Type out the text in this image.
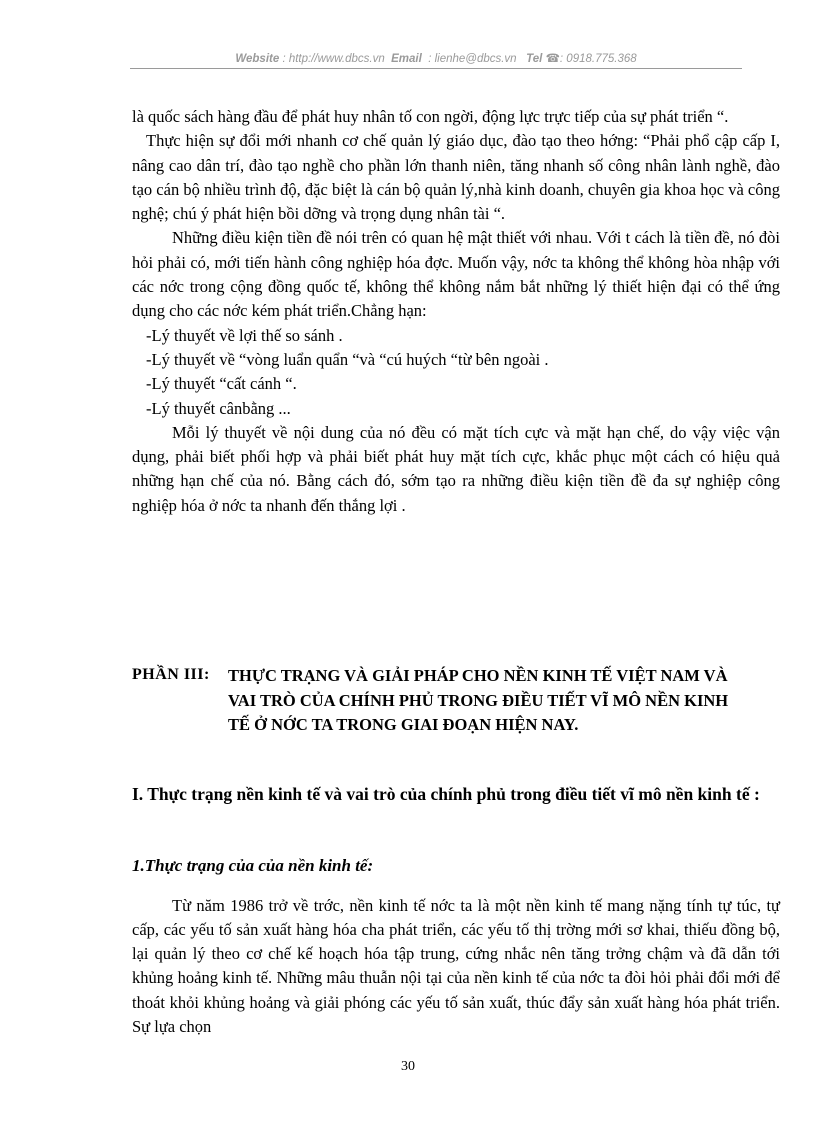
Website : http://www.dbcs.vn Email : lienhe@dbcs.vn Tel ☎: 0918.775.368

là quốc sách hàng đầu để phát huy nhân tố con ngời, động lực trực tiếp của sự phát triển “.

Thực hiện sự đổi mới nhanh cơ chế quản lý giáo dục, đào tạo theo hớng: “Phải phổ cập cấp I, nâng cao dân trí, đào tạo nghề cho phần lớn thanh niên, tăng nhanh số công nhân lành nghề, đào tạo cán bộ nhiều trình độ, đặc biệt là cán bộ quản lý,nhà kinh doanh, chuyên gia khoa học và công nghệ; chú ý phát hiện bồi dỡng và trọng dụng nhân tài “.

Những điều kiện tiền đề nói trên có quan hệ mật thiết với nhau. Với t cách là tiền đề, nó đòi hỏi phải có, mới tiến hành công nghiệp hóa đợc. Muốn vậy, nớc ta không thể không hòa nhập với các nớc trong cộng đồng quốc tế, không thể không nắm bắt những lý thiết hiện đại có thể ứng dụng cho các nớc kém phát triển.Chẳng hạn:

-Lý thuyết về lợi thế so sánh .

-Lý thuyết về “vòng luẩn quẩn “và “cú huých “từ bên ngoài .

-Lý thuyết “cất cánh “.

-Lý thuyết cânbằng ...

Mỗi lý thuyết về nội dung của nó đều có mặt tích cực và mặt hạn chế, do vậy việc vận dụng, phải biết phối hợp và phải biết phát huy mặt tích cực, khắc phục một cách có hiệu quả những hạn chế của nó. Bằng cách đó, sớm tạo ra những điều kiện tiền đề đa sự nghiệp công nghiệp hóa ở nớc ta nhanh đến thắng lợi .

PHẦN III:	THỰC TRẠNG VÀ GIẢI PHÁP CHO NỀN KINH TẾ VIỆT NAM VÀ VAI TRÒ CỦA CHÍNH PHỦ TRONG ĐIỀU TIẾT VĨ MÔ NỀN KINH TẾ Ở NỚC TA TRONG GIAI ĐOẠN HIỆN NAY.
I. Thực trạng nền kinh tế và vai trò của chính phủ trong điều tiết vĩ mô nền kinh tế :
1.Thực trạng của của nền kinh tế:

Từ năm 1986 trở về trớc, nền kinh tế nớc ta là một nền kinh tế mang nặng tính tự túc, tự cấp, các yếu tố sản xuất hàng hóa cha phát triển, các yếu tố thị trờng mới sơ khai, thiếu đồng bộ, lại quản lý theo cơ chế kế hoạch hóa tập trung, cứng nhắc nên tăng trởng chậm và đã dẫn tới khủng hoảng kinh tế. Những mâu thuẫn nội tại của nền kinh tế của nớc ta đòi hỏi phải đổi mới để thoát khỏi khủng hoảng và giải phóng các yếu tố sản xuất, thúc đẩy sản xuất hàng hóa phát triển. Sự lựa chọn

30
